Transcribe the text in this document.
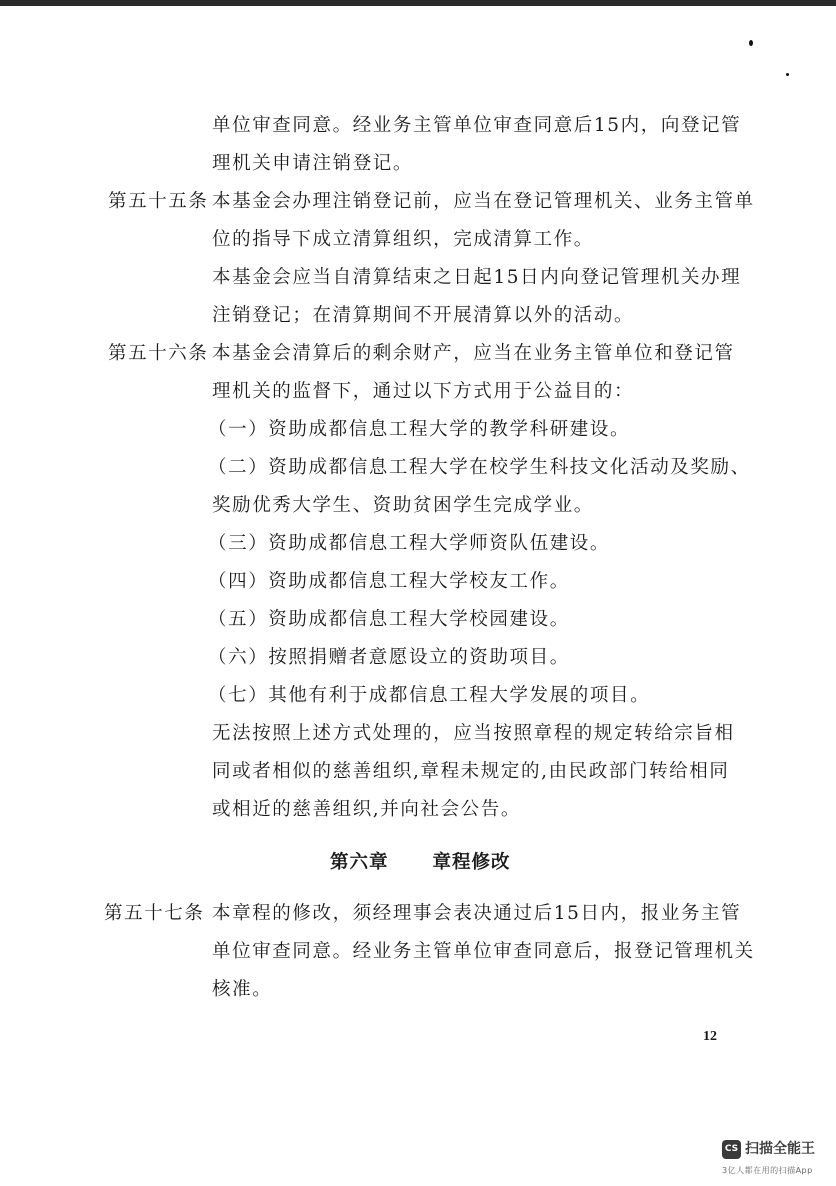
单位审查同意。经业务主管单位审查同意后15内，向登记管
理机关申请注销登记。
第五十五条 本基金会办理注销登记前，应当在登记管理机关、业务主管单
位的指导下成立清算组织，完成清算工作。
本基金会应当自清算结束之日起15日内向登记管理机关办理
注销登记；在清算期间不开展清算以外的活动。
第五十六条 本基金会清算后的剩余财产，应当在业务主管单位和登记管
理机关的监督下，通过以下方式用于公益目的：
（一）资助成都信息工程大学的教学科研建设。
（二）资助成都信息工程大学在校学生科技文化活动及奖励、
奖励优秀大学生、资助贫困学生完成学业。
（三）资助成都信息工程大学师资队伍建设。
（四）资助成都信息工程大学校友工作。
（五）资助成都信息工程大学校园建设。
（六）按照捐赠者意愿设立的资助项目。
（七）其他有利于成都信息工程大学发展的项目。
无法按照上述方式处理的，应当按照章程的规定转给宗旨相
同或者相似的慈善组织,章程未规定的,由民政部门转给相同
或相近的慈善组织,并向社会公告。
第六章 章程修改
第五十七条 本章程的修改，须经理事会表决通过后15日内，报业务主管
单位审查同意。经业务主管单位审查同意后，报登记管理机关
核准。
12
CS 扫描全能王
3亿人都在用的扫描App
